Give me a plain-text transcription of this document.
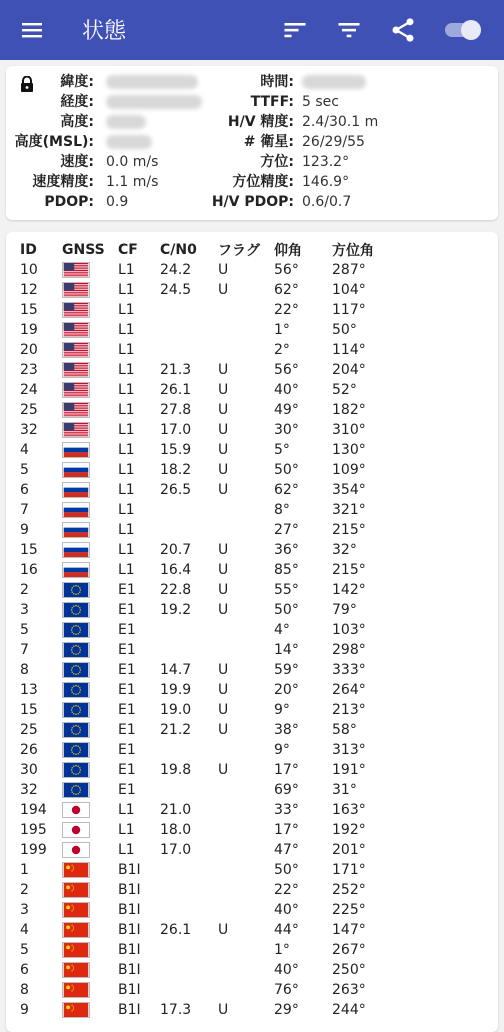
状態
緯度:	時間:
経度:	TTFF: 5 sec
高度:	H/V 精度: 2.4/30.1 m
高度(MSL):	# 衛星: 26/29/55
速度: 0.0 m/s	方位: 123.2°
速度精度: 1.1 m/s	方位精度: 146.9°
PDOP: 0.9	H/V PDOP: 0.6/0.7
ID	GNSS	CF	C/N0	フラグ	仰角	方位角
10		L1	24.2	U	56°	287°
12		L1	24.5	U	62°	104°
15		L1			22°	117°
19		L1			1°	50°
20		L1			2°	114°
23		L1	21.3	U	56°	204°
24		L1	26.1	U	40°	52°
25		L1	27.8	U	49°	182°
32		L1	17.0	U	30°	310°
4		L1	15.9	U	5°	130°
5		L1	18.2	U	50°	109°
6		L1	26.5	U	62°	354°
7		L1			8°	321°
9		L1			27°	215°
15		L1	20.7	U	36°	32°
16		L1	16.4	U	85°	215°
2		E1	22.8	U	55°	142°
3		E1	19.2	U	50°	79°
5		E1			4°	103°
7		E1			14°	298°
8		E1	14.7	U	59°	333°
13		E1	19.9	U	20°	264°
15		E1	19.0	U	9°	213°
25		E1	21.2	U	38°	58°
26		E1			9°	313°
30		E1	19.8	U	17°	191°
32		E1			69°	31°
194		L1	21.0		33°	163°
195		L1	18.0		17°	192°
199		L1	17.0		47°	201°
1		B1I			50°	171°
2		B1I			22°	252°
3		B1I			40°	225°
4		B1I	26.1	U	44°	147°
5		B1I			1°	267°
6		B1I			40°	250°
8		B1I			76°	263°
9		B1I	17.3	U	29°	244°
